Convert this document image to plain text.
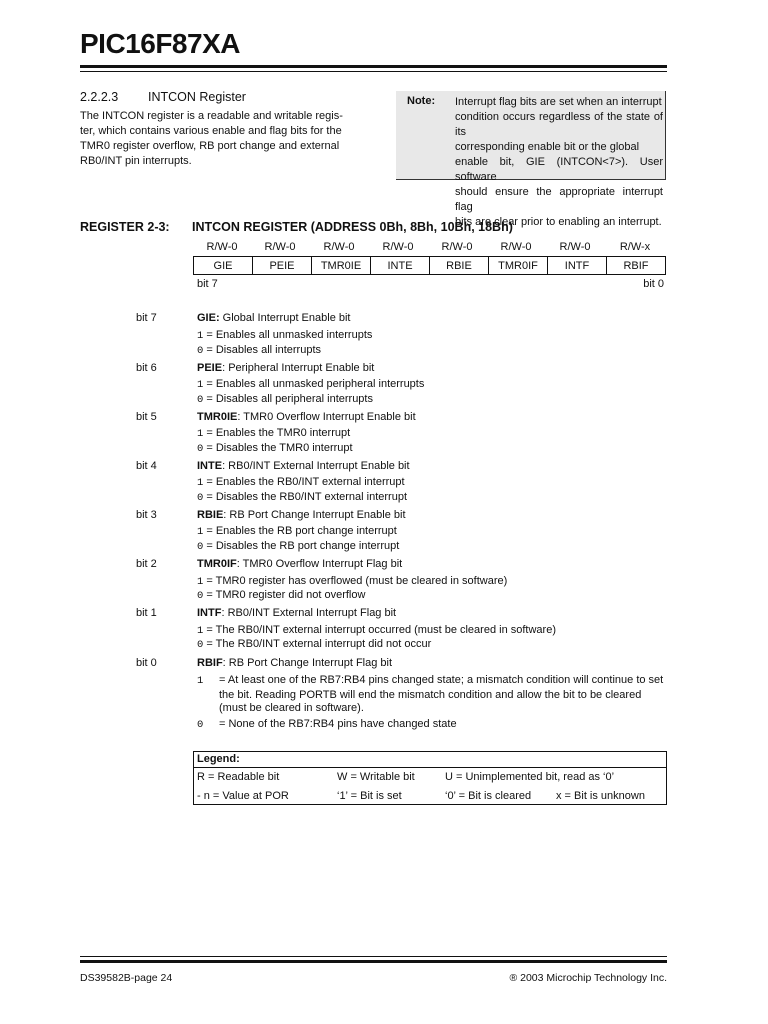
PIC16F87XA
2.2.2.3 INTCON Register
The INTCON register is a readable and writable regis-
ter, which contains various enable and flag bits for the
TMR0 register overflow, RB port change and external
RB0/INT pin interrupts.
Note: Interrupt flag bits are set when an interrupt
condition occurs regardless of the state of its
corresponding enable bit or the global
enable bit, GIE (INTCON<7>). User software
should ensure the appropriate interrupt flag
bits are clear prior to enabling an interrupt.
REGISTER 2-3: INTCON REGISTER (ADDRESS 0Bh, 8Bh, 10Bh, 18Bh)
R/W-0	R/W-0	R/W-0	R/W-0	R/W-0	R/W-0	R/W-0	R/W-x
GIE	PEIE	TMR0IE	INTE	RBIE	TMR0IF	INTF	RBIF
bit 7	bit 0
bit 7	GIE: Global Interrupt Enable bit
1 = Enables all unmasked interrupts
0 = Disables all interrupts
bit 6	PEIE: Peripheral Interrupt Enable bit
1 = Enables all unmasked peripheral interrupts
0 = Disables all peripheral interrupts
bit 5	TMR0IE: TMR0 Overflow Interrupt Enable bit
1 = Enables the TMR0 interrupt
0 = Disables the TMR0 interrupt
bit 4	INTE: RB0/INT External Interrupt Enable bit
1 = Enables the RB0/INT external interrupt
0 = Disables the RB0/INT external interrupt
bit 3	RBIE: RB Port Change Interrupt Enable bit
1 = Enables the RB port change interrupt
0 = Disables the RB port change interrupt
bit 2	TMR0IF: TMR0 Overflow Interrupt Flag bit
1 = TMR0 register has overflowed (must be cleared in software)
0 = TMR0 register did not overflow
bit 1	INTF: RB0/INT External Interrupt Flag bit
1 = The RB0/INT external interrupt occurred (must be cleared in software)
0 = The RB0/INT external interrupt did not occur
bit 0	RBIF: RB Port Change Interrupt Flag bit
1 = At least one of the RB7:RB4 pins changed state; a mismatch condition will continue to set
the bit. Reading PORTB will end the mismatch condition and allow the bit to be cleared
(must be cleared in software).
0 = None of the RB7:RB4 pins have changed state
Legend:
R = Readable bit	W = Writable bit	U = Unimplemented bit, read as ‘0’
- n = Value at POR	‘1’ = Bit is set	‘0’ = Bit is cleared x = Bit is unknown
DS39582B-page 24	® 2003 Microchip Technology Inc.
